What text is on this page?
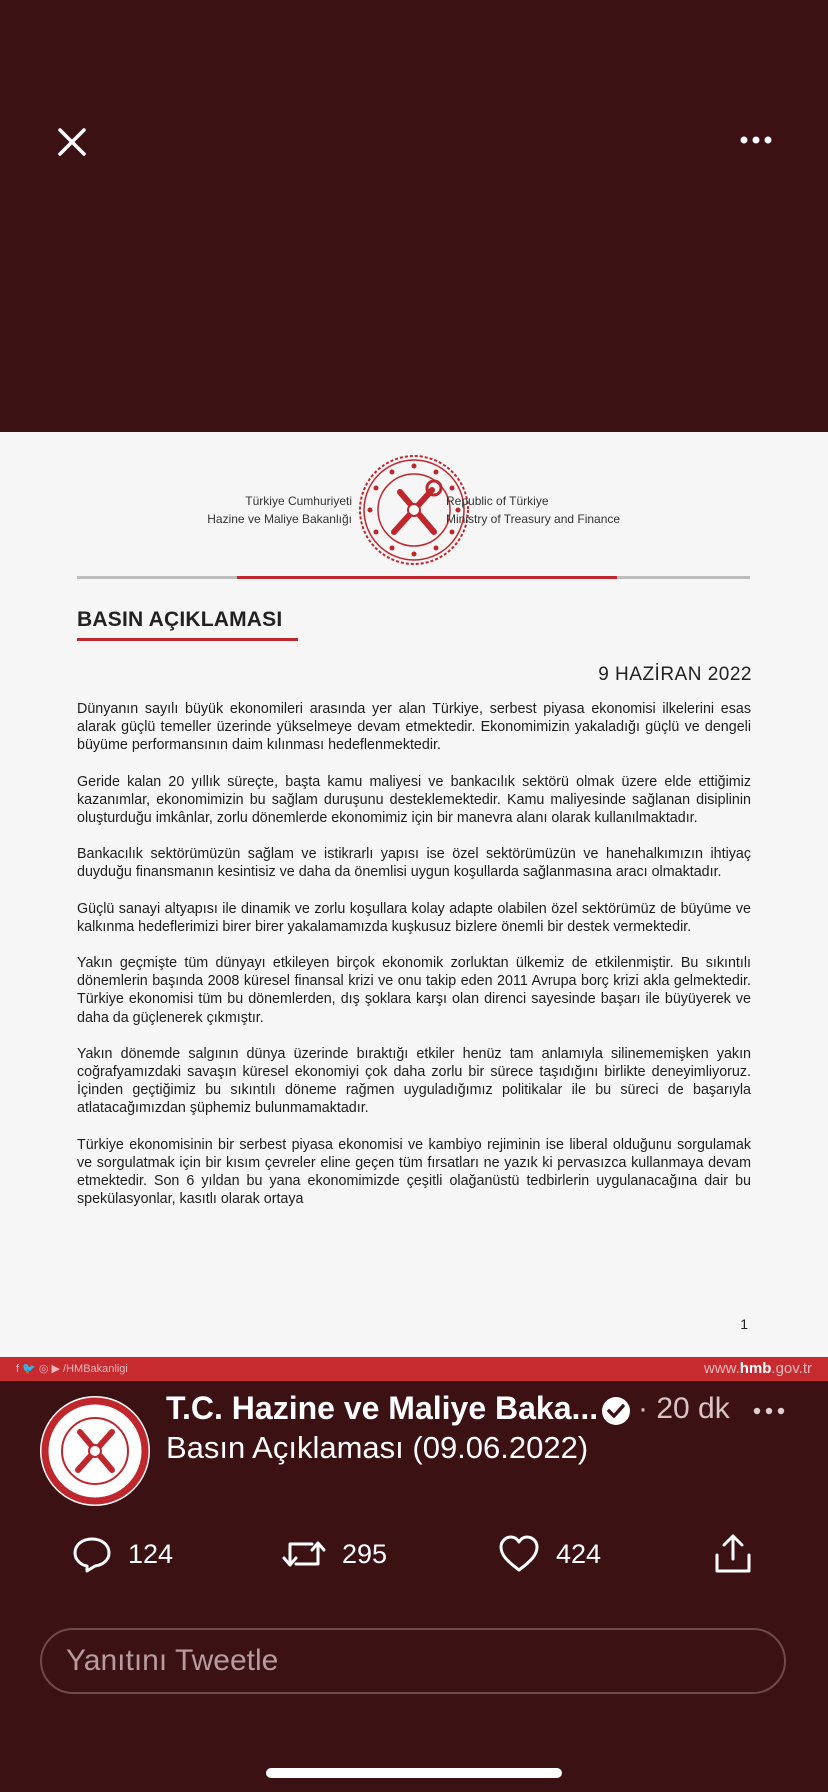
Türkiye Cumhuriyeti
Hazine ve Maliye Bakanlığı
Republic of Türkiye
Ministry of Treasury and Finance
BASIN AÇIKLAMASI
9 HAZİRAN 2022

Dünyanın sayılı büyük ekonomileri arasında yer alan Türkiye, serbest piyasa ekonomisi ilkelerini esas alarak güçlü temeller üzerinde yükselmeye devam etmektedir. Ekonomimizin yakaladığı güçlü ve dengeli büyüme performansının daim kılınması hedeflenmektedir.

Geride kalan 20 yıllık süreçte, başta kamu maliyesi ve bankacılık sektörü olmak üzere elde ettiğimiz kazanımlar, ekonomimizin bu sağlam duruşunu desteklemektedir. Kamu maliyesinde sağlanan disiplinin oluşturduğu imkânlar, zorlu dönemlerde ekonomimiz için bir manevra alanı olarak kullanılmaktadır.

Bankacılık sektörümüzün sağlam ve istikrarlı yapısı ise özel sektörümüzün ve hanehalkımızın ihtiyaç duyduğu finansmanın kesintisiz ve daha da önemlisi uygun koşullarda sağlanmasına aracı olmaktadır.

Güçlü sanayi altyapısı ile dinamik ve zorlu koşullara kolay adapte olabilen özel sektörümüz de büyüme ve kalkınma hedeflerimizi birer birer yakalamamızda kuşkusuz bizlere önemli bir destek vermektedir.

Yakın geçmişte tüm dünyayı etkileyen birçok ekonomik zorluktan ülkemiz de etkilenmiştir. Bu sıkıntılı dönemlerin başında 2008 küresel finansal krizi ve onu takip eden 2011 Avrupa borç krizi akla gelmektedir. Türkiye ekonomisi tüm bu dönemlerden, dış şoklara karşı olan direnci sayesinde başarı ile büyüyerek ve daha da güçlenerek çıkmıştır.

Yakın dönemde salgının dünya üzerinde bıraktığı etkiler henüz tam anlamıyla silinememişken yakın coğrafyamızdaki savaşın küresel ekonomiyi çok daha zorlu bir sürece taşıdığını birlikte deneyimliyoruz. İçinden geçtiğimiz bu sıkıntılı döneme rağmen uyguladığımız politikalar ile bu süreci de başarıyla atlatacağımızdan şüphemiz bulunmamaktadır.

Türkiye ekonomisinin bir serbest piyasa ekonomisi ve kambiyo rejiminin ise liberal olduğunu sorgulamak ve sorgulatmak için bir kısım çevreler eline geçen tüm fırsatları ne yazık ki pervasızca kullanmaya devam etmektedir. Son 6 yıldan bu yana ekonomimizde çeşitli olağanüstü tedbirlerin uygulanacağına dair bu spekülasyonlar, kasıtlı olarak ortaya

1
f 🐦 ◎ ▶ /HMBakanligi	www.hmb.gov.tr
T.C. Hazine ve Maliye Baka... · 20 dk
Basın Açıklaması (09.06.2022)
124	295	424
Yanıtını Tweetle
